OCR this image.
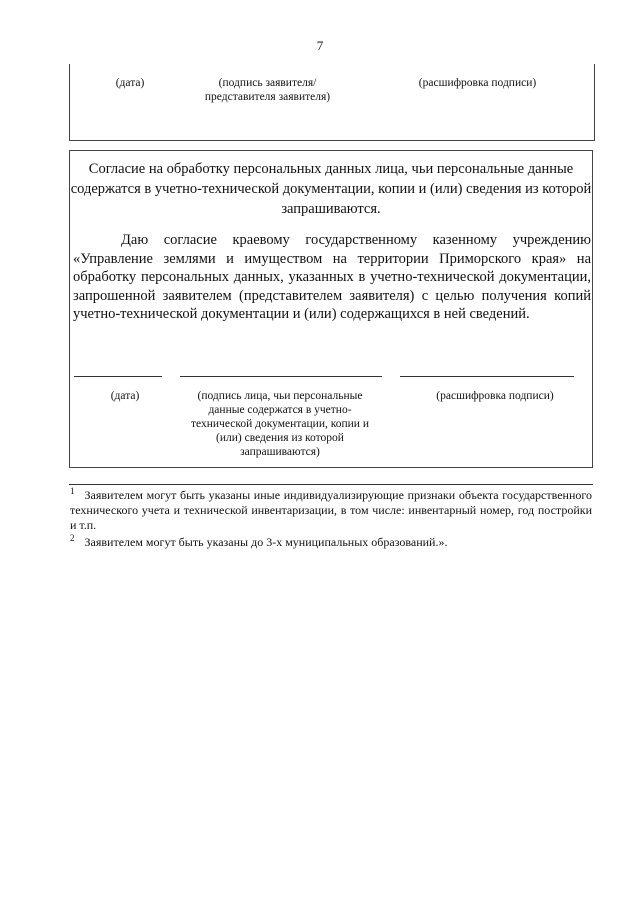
7
(дата)	(подпись заявителя/представителя заявителя)
(расшифровка подписи)
Согласие на обработку персональных данных лица, чьи персональные данные содержатся в учетно-технической документации, копии и (или) сведения из которой запрашиваются.

Даю согласие краевому государственному казенному учреждению «Управление землями и имуществом на территории Приморского края» на обработку персональных данных, указанных в учетно-технической документации, запрошенной заявителем (представителем заявителя) с целью получения копий учетно-технической документации и (или) содержащихся в ней сведений.

(дата)	(подпись лица, чьи персональные данные содержатся в учетно-технической документации, копии и (или) сведения из которой запрашиваются)
(расшифровка подписи)
$^1$ Заявителем могут быть указаны иные индивидуализирующие признаки объекта государственного технического учета и технической инвентаризации, в том числе: инвентарный номер, год постройки и т.п.
$^2$ Заявителем могут быть указаны до 3-х муниципальных образований.».
